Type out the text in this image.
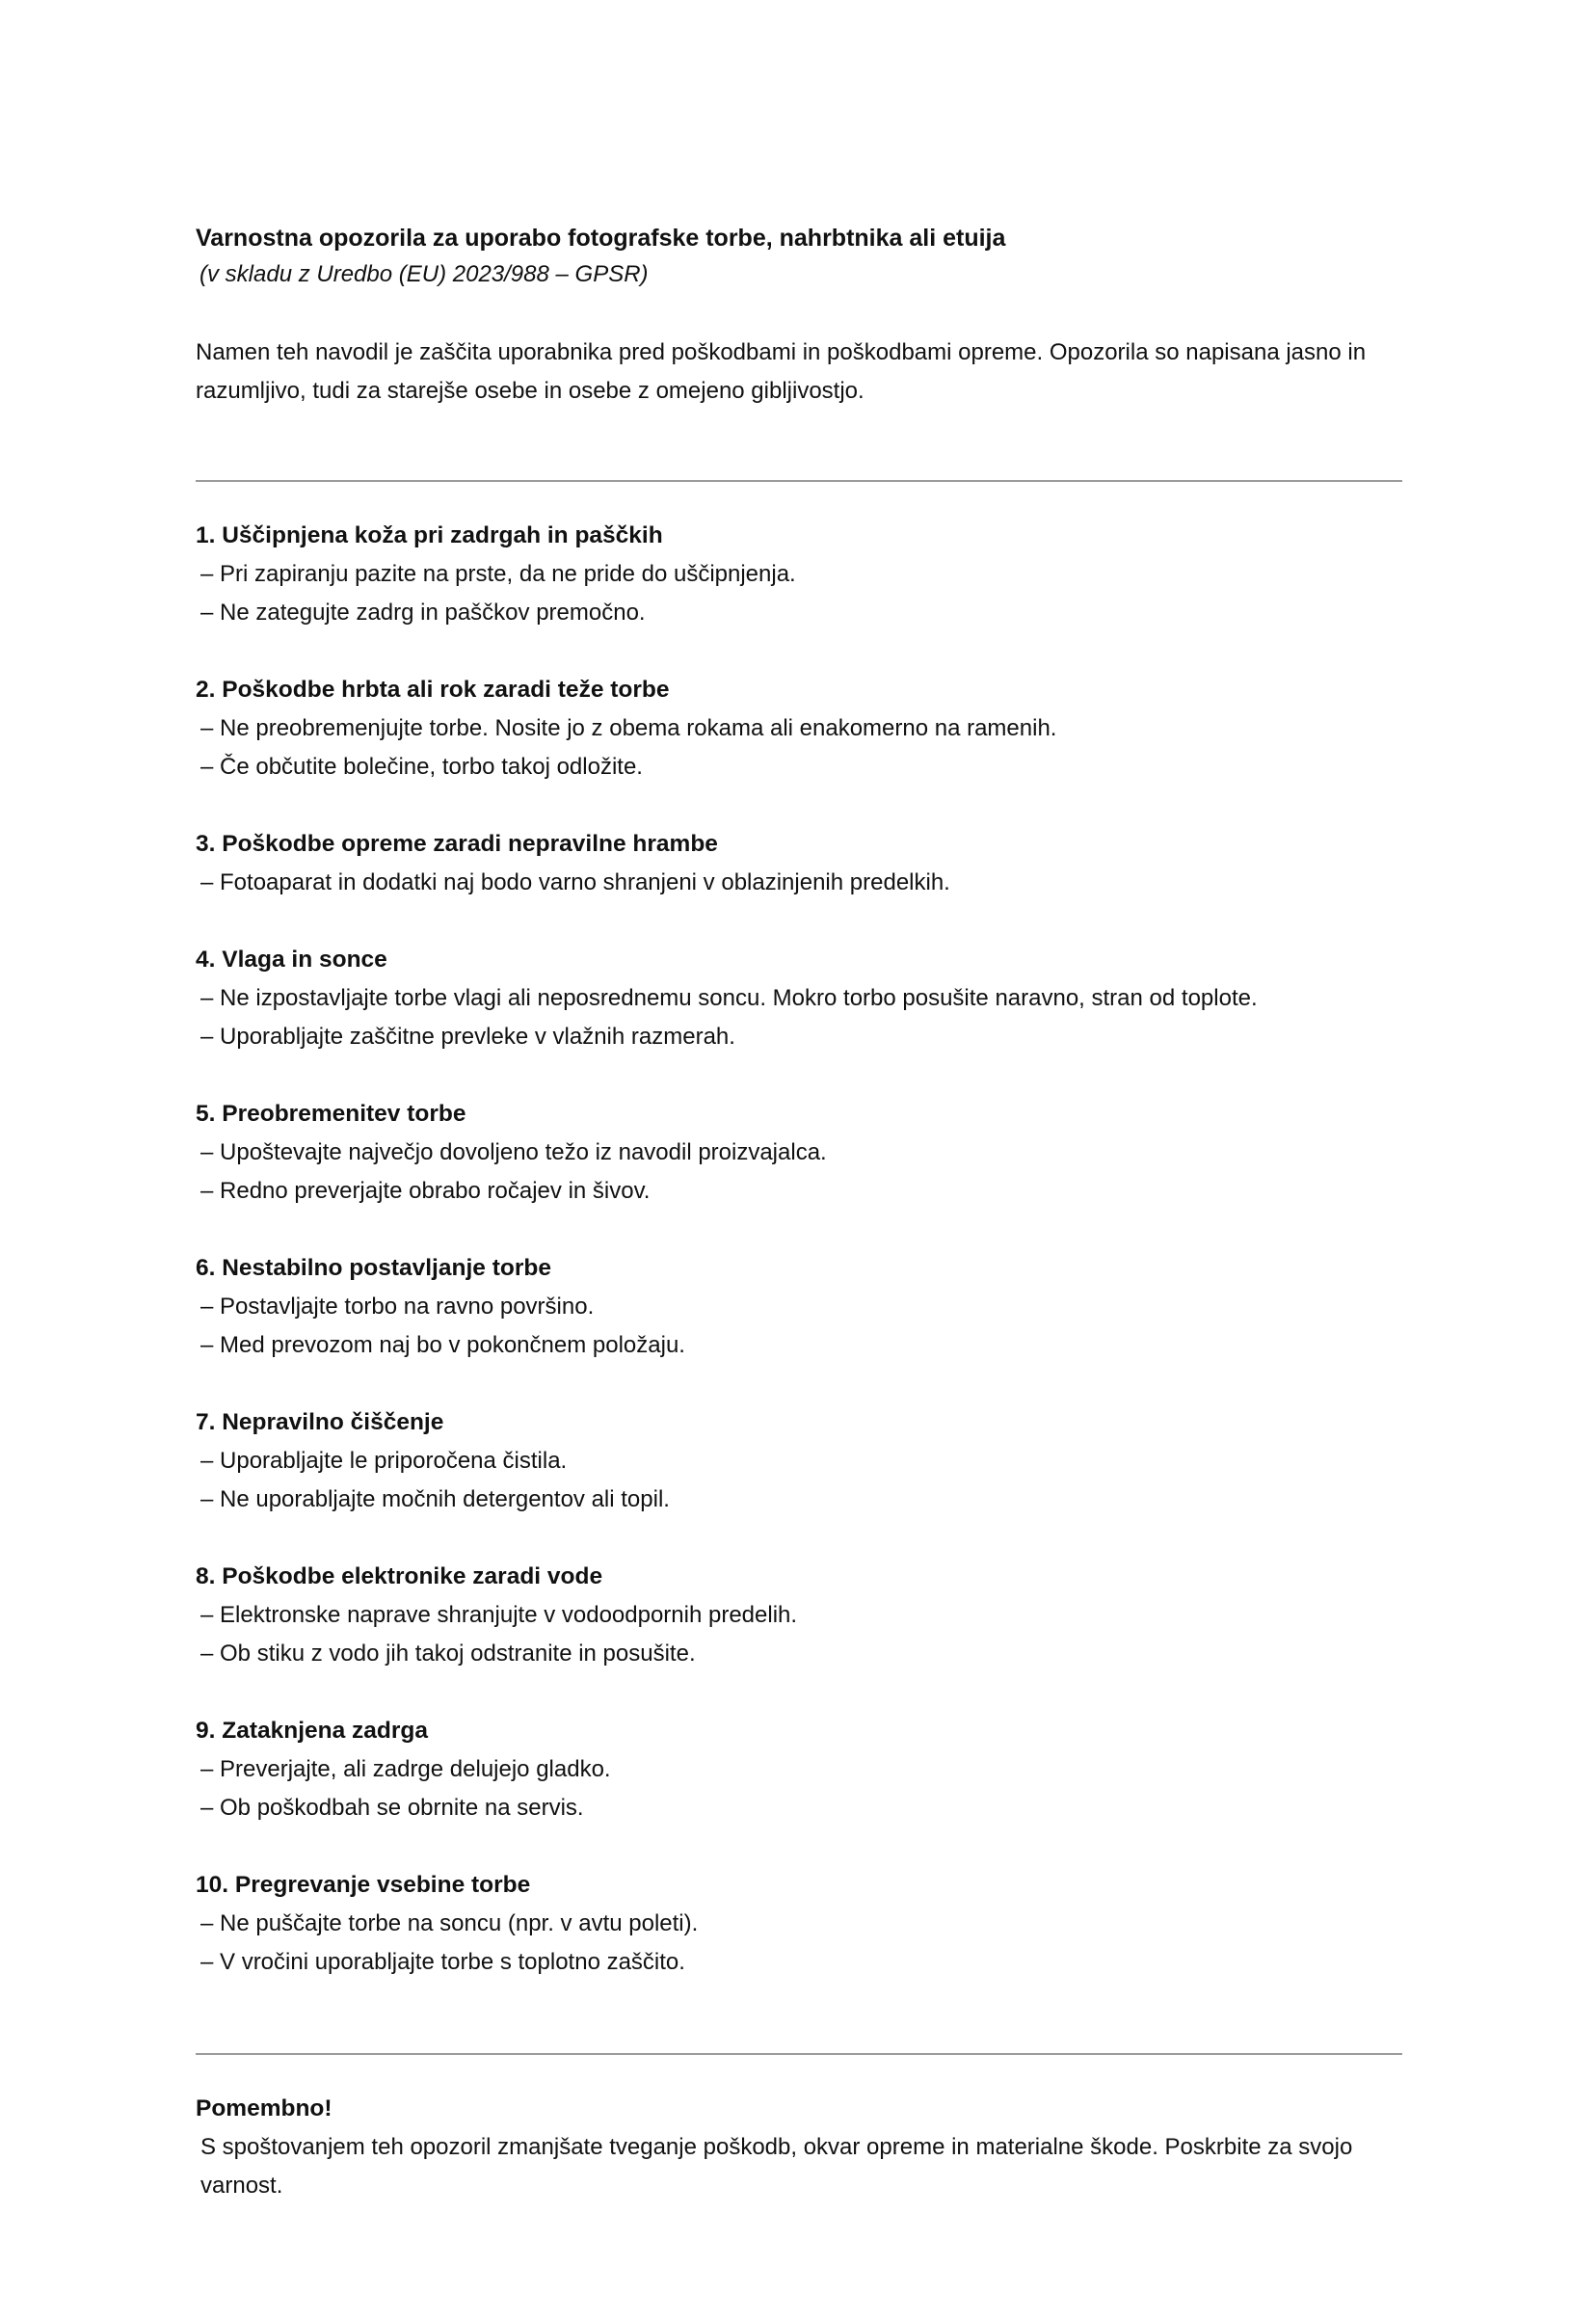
Varnostna opozorila za uporabo fotografske torbe, nahrbtnika ali etuija

(v skladu z Uredbo (EU) 2023/988 – GPSR)

Namen teh navodil je zaščita uporabnika pred poškodbami in poškodbami opreme. Opozorila so napisana jasno in razumljivo, tudi za starejše osebe in osebe z omejeno gibljivostjo.

1. Uščipnjena koža pri zadrgah in paščkih

– Pri zapiranju pazite na prste, da ne pride do uščipnjenja.

– Ne zategujte zadrg in paščkov premočno.

2. Poškodbe hrbta ali rok zaradi teže torbe

– Ne preobremenjujte torbe. Nosite jo z obema rokama ali enakomerno na ramenih.

– Če občutite bolečine, torbo takoj odložite.

3. Poškodbe opreme zaradi nepravilne hrambe

– Fotoaparat in dodatki naj bodo varno shranjeni v oblazinjenih predelkih.

4. Vlaga in sonce

– Ne izpostavljajte torbe vlagi ali neposrednemu soncu. Mokro torbo posušite naravno, stran od toplote.

– Uporabljajte zaščitne prevleke v vlažnih razmerah.

5. Preobremenitev torbe

– Upoštevajte največjo dovoljeno težo iz navodil proizvajalca.

– Redno preverjajte obrabo ročajev in šivov.

6. Nestabilno postavljanje torbe

– Postavljajte torbo na ravno površino.

– Med prevozom naj bo v pokončnem položaju.

7. Nepravilno čiščenje

– Uporabljajte le priporočena čistila.

– Ne uporabljajte močnih detergentov ali topil.

8. Poškodbe elektronike zaradi vode

– Elektronske naprave shranjujte v vodoodpornih predelih.

– Ob stiku z vodo jih takoj odstranite in posušite.

9. Zataknjena zadrga

– Preverjajte, ali zadrge delujejo gladko.

– Ob poškodbah se obrnite na servis.

10. Pregrevanje vsebine torbe

– Ne puščajte torbe na soncu (npr. v avtu poleti).

– V vročini uporabljajte torbe s toplotno zaščito.

Pomembno!

S spoštovanjem teh opozoril zmanjšate tveganje poškodb, okvar opreme in materialne škode. Poskrbite za svojo varnost.
